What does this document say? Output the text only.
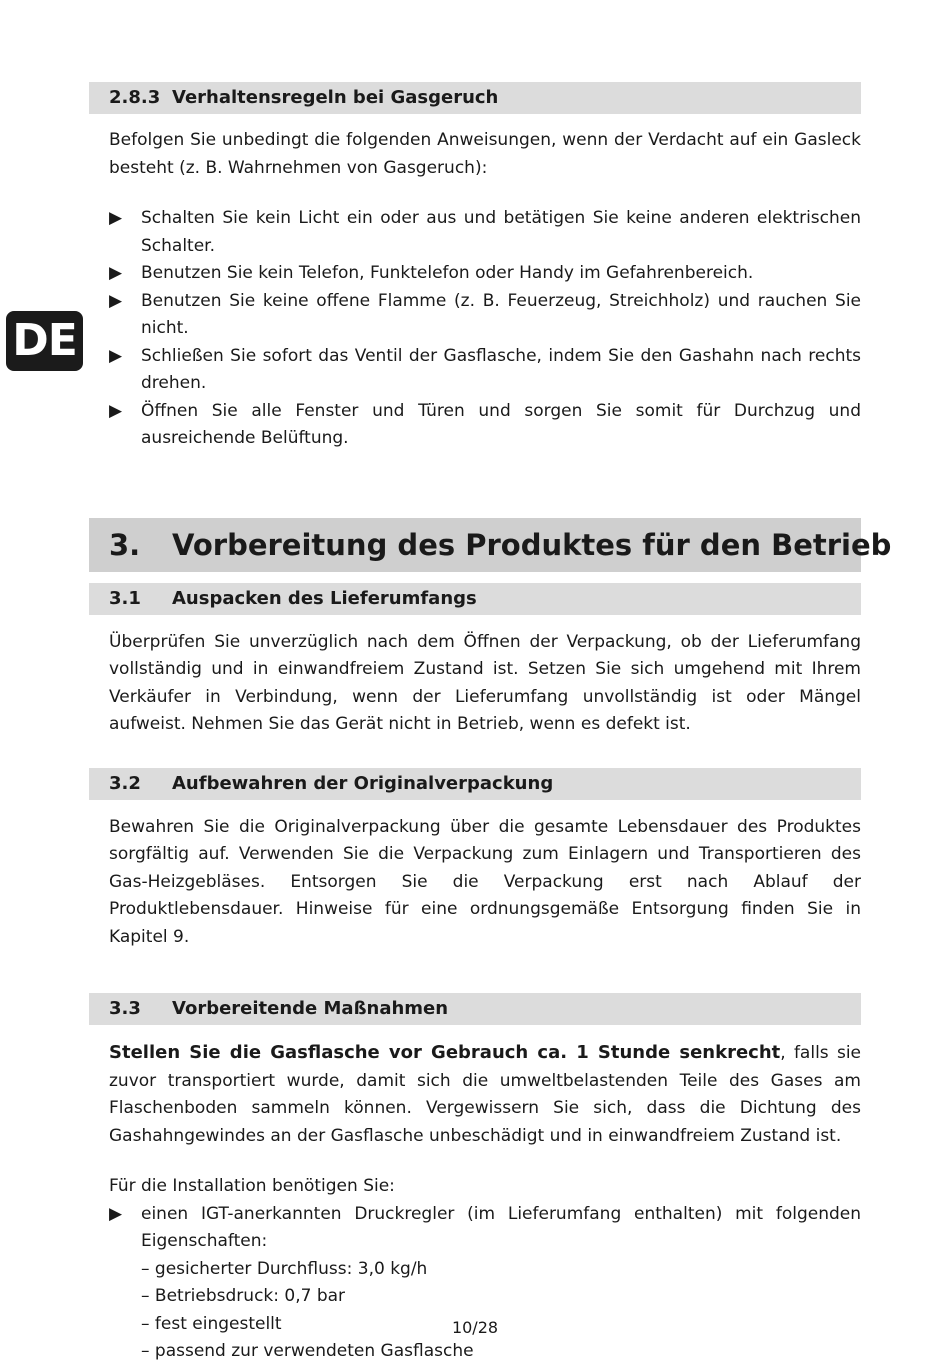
DE
2.8.3 Verhaltensregeln bei Gasgeruch

Befolgen Sie unbedingt die folgenden Anweisungen, wenn der Verdacht auf ein Gasleck besteht (z. B. Wahrnehmen von Gasgeruch):

▶ Schalten Sie kein Licht ein oder aus und betätigen Sie keine anderen elektrischen Schalter.
▶ Benutzen Sie kein Telefon, Funktelefon oder Handy im Gefahrenbereich.
▶ Benutzen Sie keine offene Flamme (z. B. Feuerzeug, Streichholz) und rauchen Sie nicht.
▶ Schließen Sie sofort das Ventil der Gasflasche, indem Sie den Gashahn nach rechts drehen.
▶ Öffnen Sie alle Fenster und Türen und sorgen Sie somit für Durchzug und ausreichende Belüftung.
3. Vorbereitung des Produktes für den Betrieb
3.1 Auspacken des Lieferumfangs

Überprüfen Sie unverzüglich nach dem Öffnen der Verpackung, ob der Lieferumfang vollständig und in einwandfreiem Zustand ist. Setzen Sie sich umgehend mit Ihrem Verkäufer in Verbindung, wenn der Lieferumfang unvollständig ist oder Mängel aufweist. Nehmen Sie das Gerät nicht in Betrieb, wenn es defekt ist.

3.2 Aufbewahren der Originalverpackung

Bewahren Sie die Originalverpackung über die gesamte Lebensdauer des Produktes sorgfältig auf. Verwenden Sie die Verpackung zum Einlagern und Transportieren des Gas-Heizgebläses. Entsorgen Sie die Verpackung erst nach Ablauf der Produktlebensdauer. Hinweise für eine ordnungsgemäße Entsorgung finden Sie in Kapitel 9.

3.3 Vorbereitende Maßnahmen

Stellen Sie die Gasflasche vor Gebrauch ca. 1 Stunde senkrecht, falls sie zuvor transportiert wurde, damit sich die umweltbelastenden Teile des Gases am Flaschenboden sammeln können. Vergewissern Sie sich, dass die Dichtung des Gashahngewindes an der Gasflasche unbeschädigt und in einwandfreiem Zustand ist.

Für die Installation benötigen Sie:

▶ einen IGT-anerkannten Druckregler (im Lieferumfang enthalten) mit folgenden Eigenschaften:
– gesicherter Durchfluss: 3,0 kg/h
– Betriebsdruck: 0,7 bar
– fest eingestellt
– passend zur verwendeten Gasflasche
10/28
